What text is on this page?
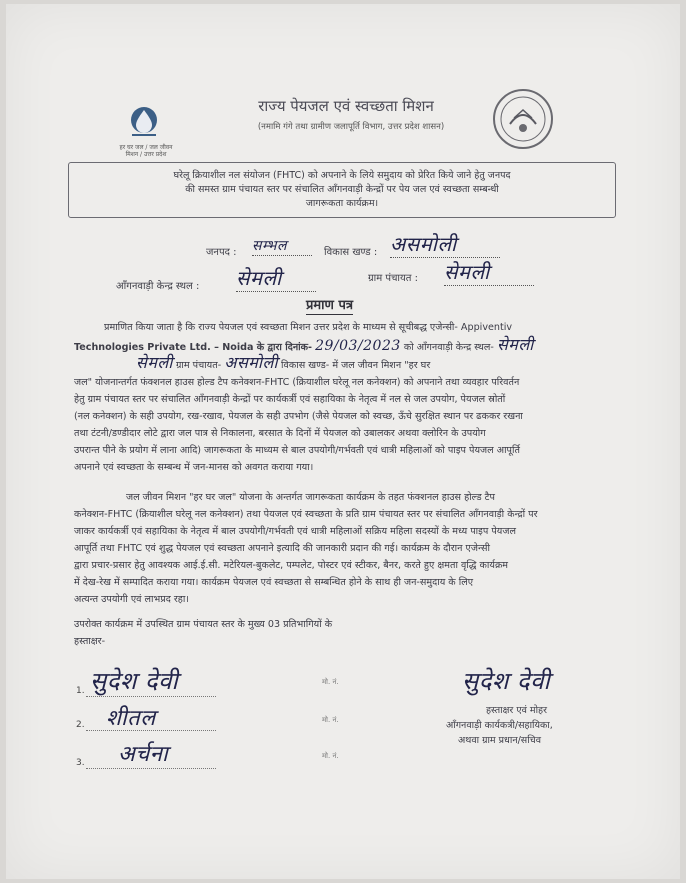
हर घर जल / जल जीवन मिशन / उत्तर प्रदेश
राज्य पेयजल एवं स्वच्छता मिशन
(नमामि गंगे तथा ग्रामीण जलापूर्ति विभाग, उत्तर प्रदेश शासन)
घरेलू क्रियाशील नल संयोजन (FHTC) को अपनाने के लिये समुदाय को प्रेरित किये जाने हेतु जनपद
की समस्त ग्राम पंचायत स्तर पर संचालित आँगनवाड़ी केन्द्रों पर पेय जल एवं स्वच्छता सम्बन्धी
जागरूकता कार्यक्रम।
जनपद : सम्भल	विकास खण्ड : असमोली
आँगनवाड़ी केन्द्र स्थल : सेमली	ग्राम पंचायत : सेमली
प्रमाण पत्र
प्रमाणित किया जाता है कि राज्य पेयजल एवं स्वच्छता मिशन उत्तर प्रदेश के माध्यम से सूचीबद्ध एजेन्सी- Appiventiv
Technologies Private Ltd. – Noida के द्वारा दिनांक- 29/03/2023 को आँगनवाड़ी केन्द्र स्थल- सेमली
सेमली ग्राम पंचायत- असमोली विकास खण्ड- में जल जीवन मिशन "हर घर
जल" योजनान्तर्गत फंक्शनल हाउस होल्ड टैप कनेक्शन-FHTC (क्रियाशील घरेलू नल कनेक्शन) को अपनाने तथा व्यवहार परिवर्तन
हेतु ग्राम पंचायत स्तर पर संचालित आँगनवाड़ी केन्द्रों पर कार्यकर्त्री एवं सहायिका के नेतृत्व में नल से जल उपयोग, पेयजल स्रोतों
(नल कनेक्शन) के सही उपयोग, रख-रखाव, पेयजल के सही उपभोग (जैसे पेयजल को स्वच्छ, ऊँचे सुरक्षित स्थान पर ढककर रखना
तथा टंटनी/डण्डीदार लोटे द्वारा जल पात्र से निकालना, बरसात के दिनों में पेयजल को उबालकर अथवा क्लोरिन के उपयोग
उपरान्त पीने के प्रयोग में लाना आदि) जागरूकता के माध्यम से बाल उपयोगी/गर्भवती एवं धात्री महिलाओं को पाइप पेयजल आपूर्ति
अपनाने एवं स्वच्छता के सम्बन्ध में जन-मानस को अवगत कराया गया।
जल जीवन मिशन "हर घर जल" योजना के अन्तर्गत जागरूकता कार्यक्रम के तहत फंक्शनल हाउस होल्ड टैप
कनेक्शन-FHTC (क्रियाशील घरेलू नल कनेक्शन) तथा पेयजल एवं स्वच्छता के प्रति ग्राम पंचायत स्तर पर संचालित आँगनवाड़ी केन्द्रों पर
जाकर कार्यकर्त्री एवं सहायिका के नेतृत्व में बाल उपयोगी/गर्भवती एवं धात्री महिलाओं सक्रिय महिला सदस्यों के मध्य पाइप पेयजल
आपूर्ति तथा FHTC एवं शुद्ध पेयजल एवं स्वच्छता अपनाने इत्यादि की जानकारी प्रदान की गई। कार्यक्रम के दौरान एजेन्सी
द्वारा प्रचार-प्रसार हेतु आवश्यक आई.ई.सी. मटेरियल-बुकलेट, पम्पलेट, पोस्टर एवं स्टीकर, बैनर, करते हुए क्षमता वृद्धि कार्यक्रम
में देख-रेख में सम्पादित कराया गया। कार्यक्रम पेयजल एवं स्वच्छता से सम्बन्धित होने के साथ ही जन-समुदाय के लिए
अत्यन्त उपयोगी एवं लाभप्रद रहा।
उपरोक्त कार्यक्रम में उपस्थित ग्राम पंचायत स्तर के मुख्य 03 प्रतिभागियों के
हस्ताक्षर-
1. सुदेश देवी	मो. नं.
2. शीतल	मो. नं.
3. अर्चना	मो. नं.
सुदेश देवी
हस्ताक्षर एवं मोहर
आँगनवाड़ी कार्यकत्री/सहायिका,
अथवा ग्राम प्रधान/सचिव
